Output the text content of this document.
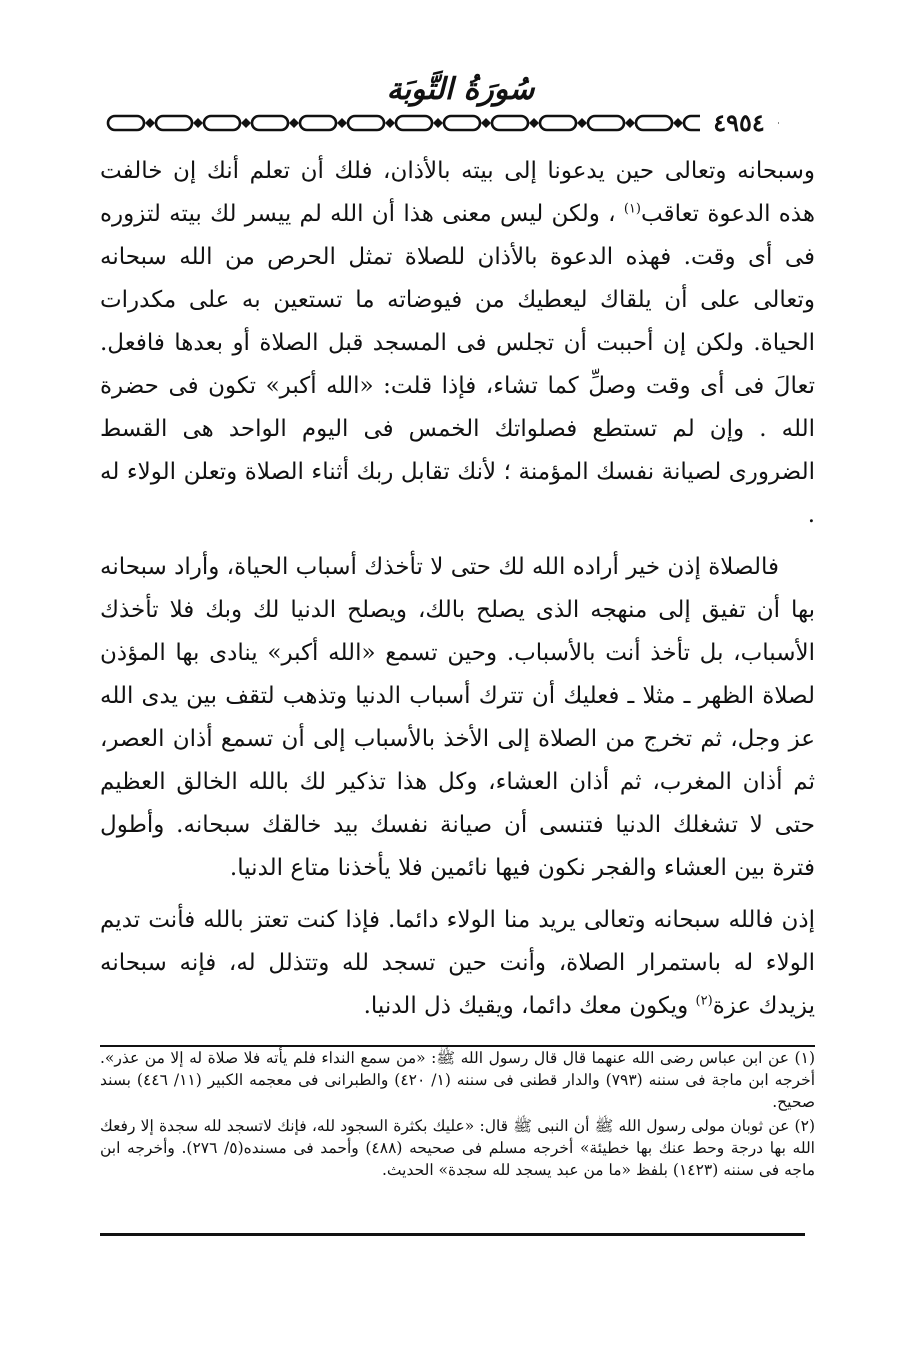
سُورَةُ التَّوبَة
٤٩٥٤

وسبحانه وتعالى حين يدعونا إلى بيته بالأذان، فلك أن تعلم أنك إن خالفت هذه الدعوة تعاقب$^{(١)}$ ، ولكن ليس معنى هذا أن الله لم ييسر لك بيته لتزوره فى أى وقت. فهذه الدعوة بالأذان للصلاة تمثل الحرص من الله سبحانه وتعالى على أن يلقاك ليعطيك من فيوضاته ما تستعين به على مكدرات الحياة. ولكن إن أحببت أن تجلس فى المسجد قبل الصلاة أو بعدها فافعل. تعالَ فى أى وقت وصلِّ كما تشاء، فإذا قلت: «الله أكبر» تكون فى حضرة الله . وإن لم تستطع فصلواتك الخمس فى اليوم الواحد هى القسط الضرورى لصيانة نفسك المؤمنة ؛ لأنك تقابل ربك أثناء الصلاة وتعلن الولاء له .

فالصلاة إذن خير أراده الله لك حتى لا تأخذك أسباب الحياة، وأراد سبحانه بها أن تفيق إلى منهجه الذى يصلح بالك، ويصلح الدنيا لك وبك فلا تأخذك الأسباب، بل تأخذ أنت بالأسباب. وحين تسمع «الله أكبر» ينادى بها المؤذن لصلاة الظهر ـ مثلا ـ فعليك أن تترك أسباب الدنيا وتذهب لتقف بين يدى الله عز وجل، ثم تخرج من الصلاة إلى الأخذ بالأسباب إلى أن تسمع أذان العصر، ثم أذان المغرب، ثم أذان العشاء، وكل هذا تذكير لك بالله الخالق العظيم حتى لا تشغلك الدنيا فتنسى أن صيانة نفسك بيد خالقك سبحانه. وأطول فترة بين العشاء والفجر نكون فيها نائمين فلا يأخذنا متاع الدنيا.

إذن فالله سبحانه وتعالى يريد منا الولاء دائما. فإذا كنت تعتز بالله فأنت تديم الولاء له باستمرار الصلاة، وأنت حين تسجد لله وتتذلل له، فإنه سبحانه يزيدك عزة$^{(٢)}$ ويكون معك دائما، ويقيك ذل الدنيا.

(١) عن ابن عباس رضى الله عنهما قال قال رسول الله ﷺ: «من سمع النداء فلم يأته فلا صلاة له إلا من عذر». أخرجه ابن ماجة فى سننه (٧٩٣) والدار قطنى فى سننه (١/ ٤٢٠) والطبرانى فى معجمه الكبير (١١/ ٤٤٦) بسند صحيح.

(٢) عن ثوبان مولى رسول الله ﷺ أن النبى ﷺ قال: «عليك بكثرة السجود لله، فإنك لاتسجد لله سجدة إلا رفعك الله بها درجة وحط عنك بها خطيئة» أخرجه مسلم فى صحيحه (٤٨٨) وأحمد فى مسنده(٥/ ٢٧٦). وأخرجه ابن ماجه فى سننه (١٤٢٣) بلفظ «ما من عبد يسجد لله سجدة» الحديث.
